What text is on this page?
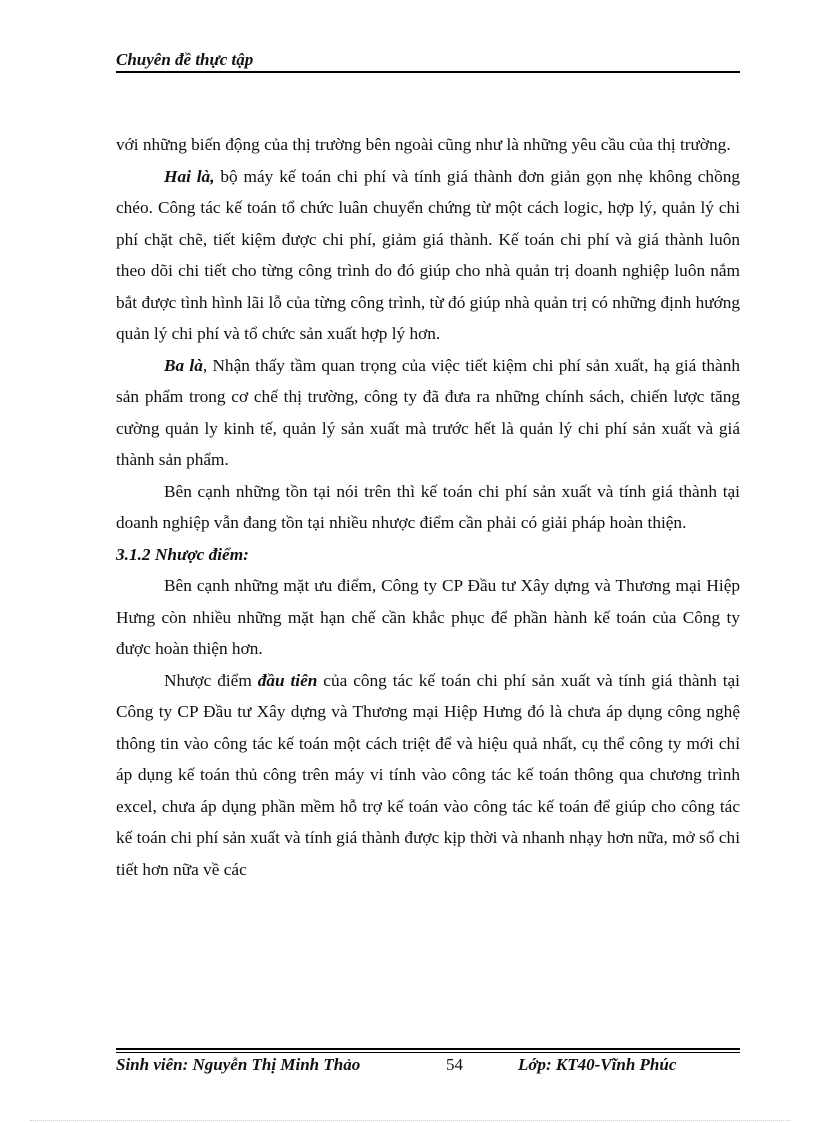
Chuyên đề thực tập

với những biến động của thị trường bên ngoài cũng như là những yêu cầu của thị trường.

Hai là, bộ máy kế toán chi phí và tính giá thành đơn giản gọn nhẹ không chồng chéo. Công tác kế toán tổ chức luân chuyển chứng từ một cách logic, hợp lý, quản lý chi phí chặt chẽ, tiết kiệm được chi phí, giảm giá thành. Kế toán chi phí và giá thành luôn theo dõi chi tiết cho từng công trình do đó giúp cho nhà quản trị doanh nghiệp luôn nắm bắt được tình hình lãi lỗ của từng công trình, từ đó giúp nhà quản trị có những định hướng quản lý chi phí và tổ chức sản xuất hợp lý hơn.

Ba là, Nhận thấy tầm quan trọng của việc tiết kiệm chi phí sản xuất, hạ giá thành sản phẩm trong cơ chế thị trường, công ty đã đưa ra những chính sách, chiến lược tăng cường quản ly kinh tế, quản lý sản xuất mà trước hết là quản lý chi phí sản xuất và giá thành sản phẩm.

Bên cạnh những tồn tại nói trên thì kế toán chi phí sản xuất và tính giá thành tại doanh nghiệp vẫn đang tồn tại nhiều nhược điểm cần phải có giải pháp hoàn thiện.

3.1.2 Nhược điểm:

Bên cạnh những mặt ưu điểm, Công ty CP Đầu tư Xây dựng và Thương mại Hiệp Hưng còn nhiều những mặt hạn chế cần khắc phục để phần hành kế toán của Công ty được hoàn thiện hơn.

Nhược điểm đầu tiên của công tác kế toán chi phí sản xuất và tính giá thành tại Công ty CP Đầu tư Xây dựng và Thương mại Hiệp Hưng đó là chưa áp dụng công nghệ thông tin vào công tác kế toán một cách triệt để và hiệu quả nhất, cụ thể công ty mới chỉ áp dụng kế toán thủ công trên máy vi tính vào công tác kế toán thông qua chương trình excel, chưa áp dụng phần mềm hỗ trợ kế toán vào công tác kế toán để giúp cho công tác kế toán chi phí sản xuất và tính giá thành được kịp thời và nhanh nhạy hơn nữa, mở sổ chi tiết hơn nữa về các

Sinh viên: Nguyễn Thị Minh Thảo	54	Lớp: KT40-Vĩnh Phúc
